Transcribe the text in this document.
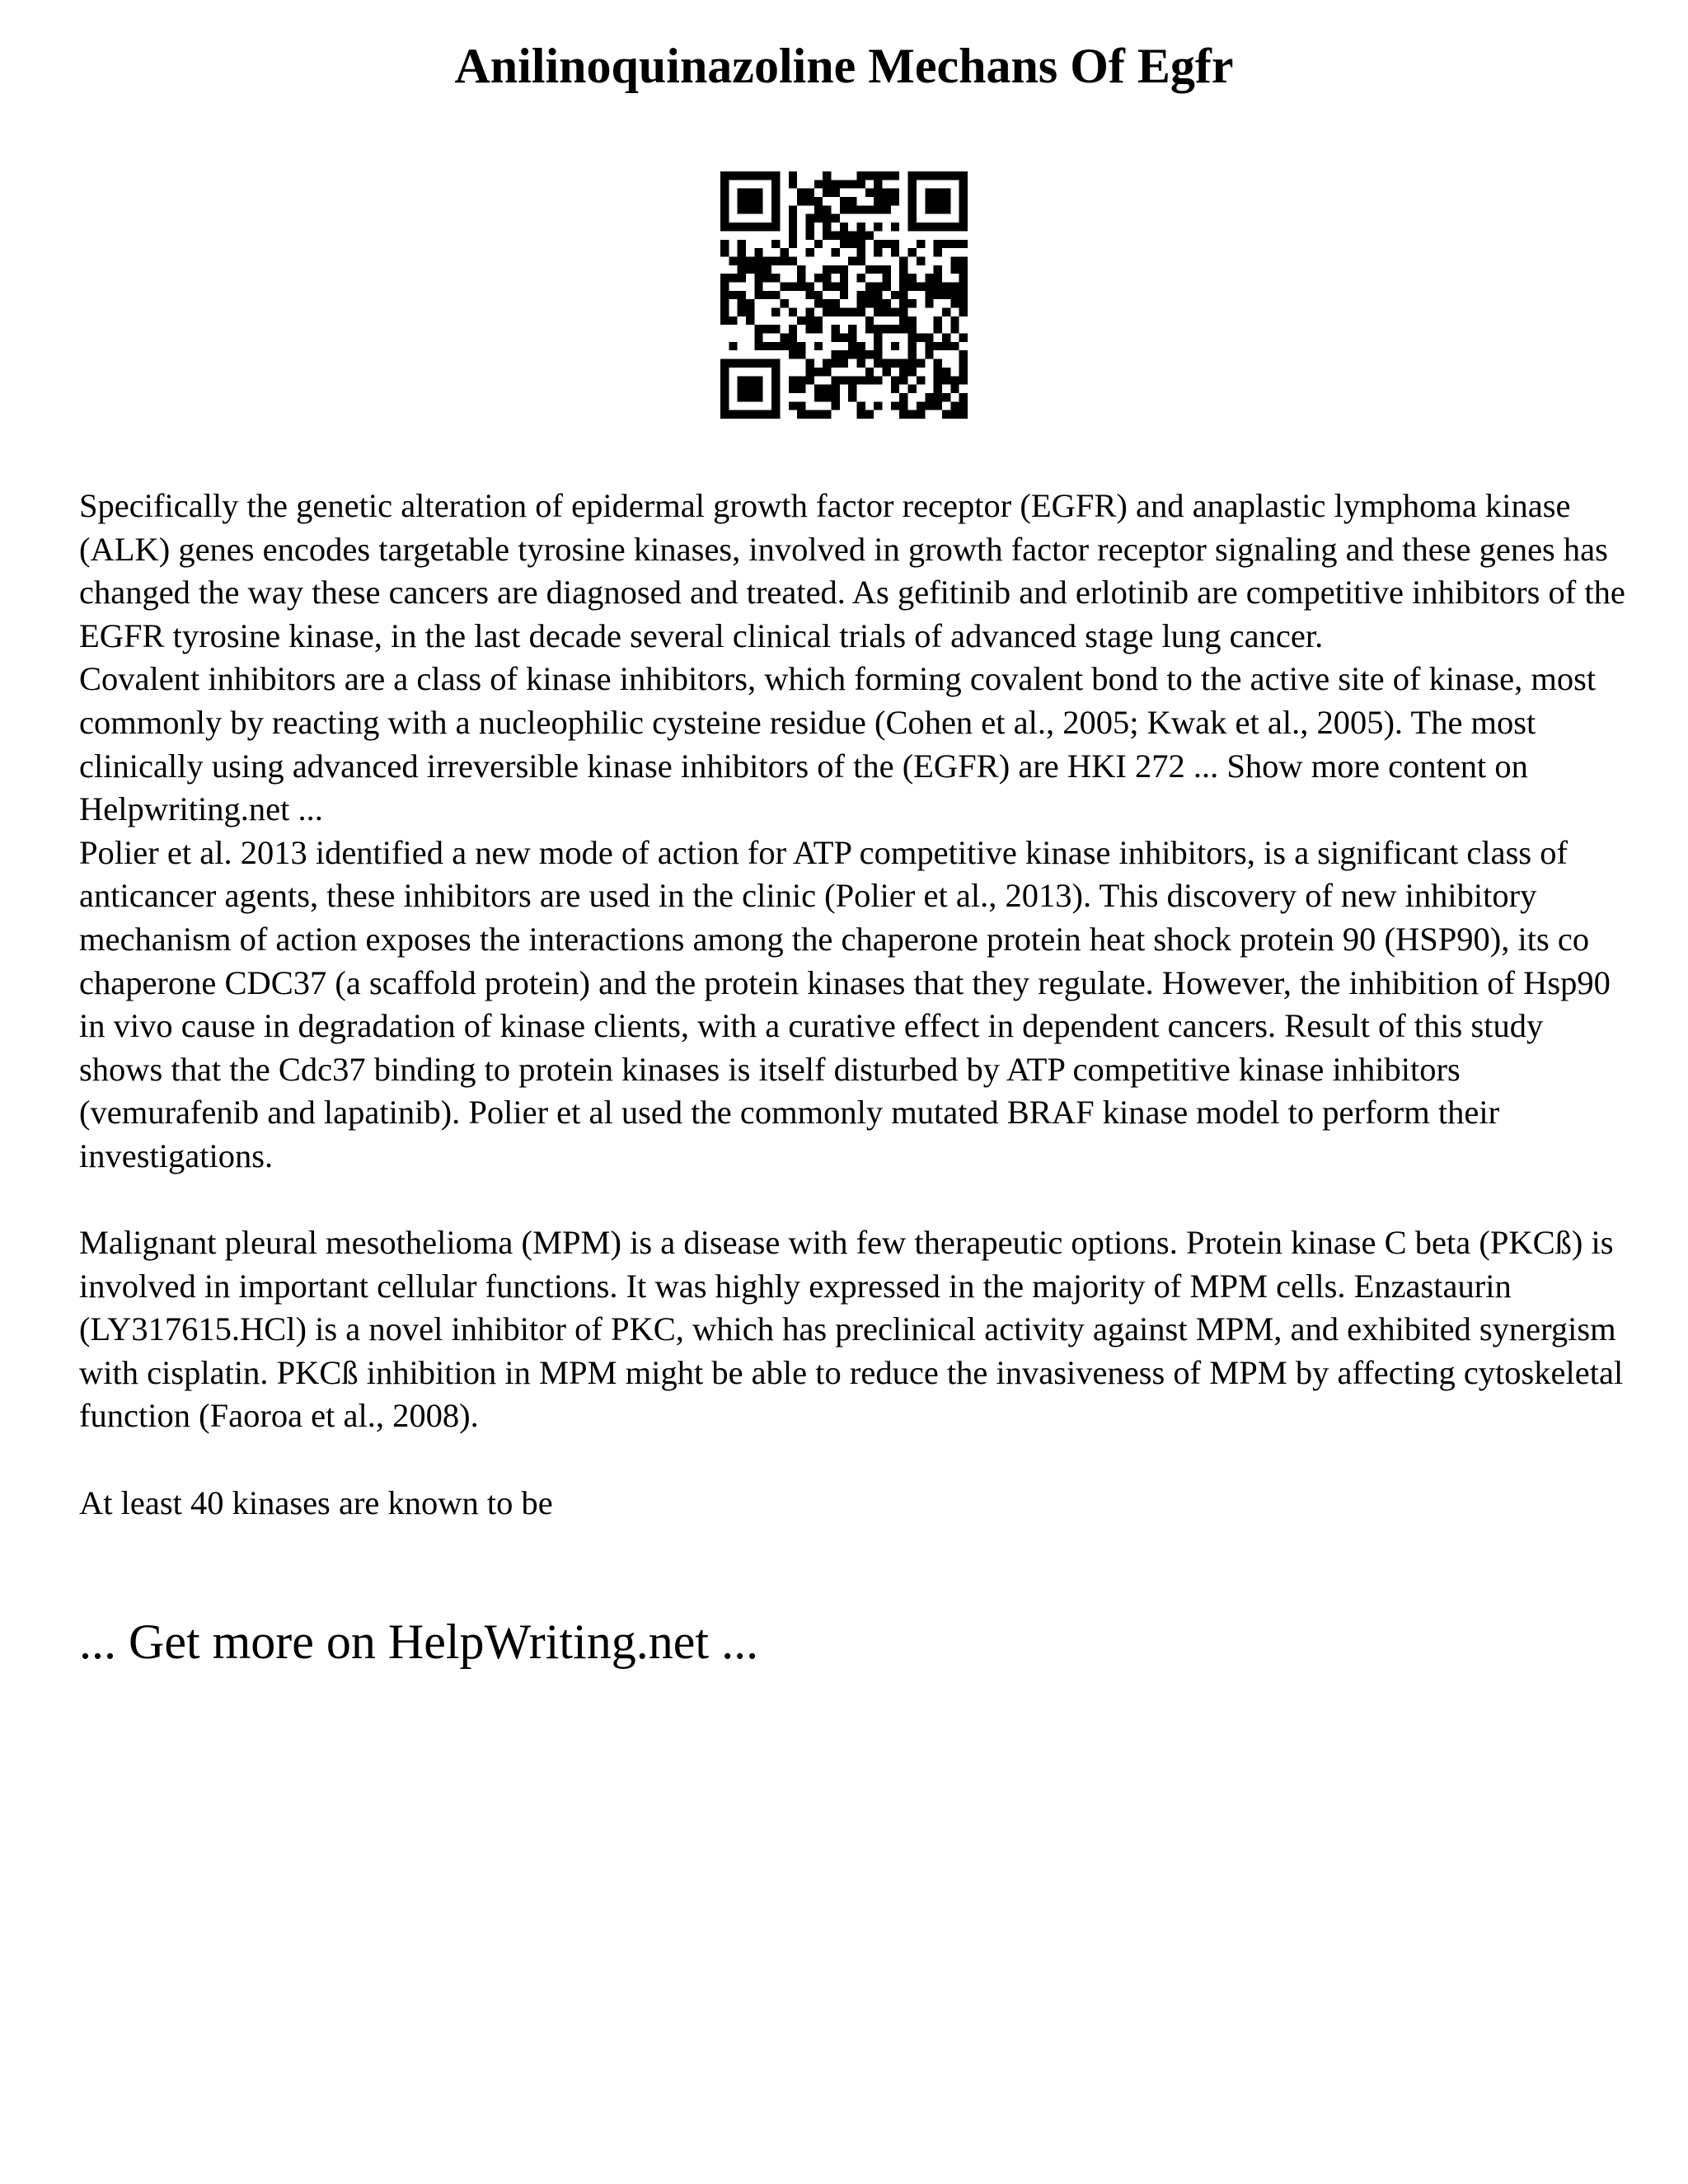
Anilinoquinazoline Mechans Of Egfr

Specifically the genetic alteration of epidermal growth factor receptor (EGFR) and anaplastic lymphoma kinase (ALK) genes encodes targetable tyrosine kinases, involved in growth factor receptor signaling and these genes has changed the way these cancers are diagnosed and treated. As gefitinib and erlotinib are competitive inhibitors of the EGFR tyrosine kinase, in the last decade several clinical trials of advanced stage lung cancer.

Covalent inhibitors are a class of kinase inhibitors, which forming covalent bond to the active site of kinase, most commonly by reacting with a nucleophilic cysteine residue (Cohen et al., 2005; Kwak et al., 2005). The most clinically using advanced irreversible kinase inhibitors of the (EGFR) are HKI 272 ... Show more content on Helpwriting.net ...

Polier et al. 2013 identified a new mode of action for ATP competitive kinase inhibitors, is a significant class of anticancer agents, these inhibitors are used in the clinic (Polier et al., 2013). This discovery of new inhibitory mechanism of action exposes the interactions among the chaperone protein heat shock protein 90 (HSP90), its co chaperone CDC37 (a scaffold protein) and the protein kinases that they regulate. However, the inhibition of Hsp90 in vivo cause in degradation of kinase clients, with a curative effect in dependent cancers. Result of this study shows that the Cdc37 binding to protein kinases is itself disturbed by ATP competitive kinase inhibitors (vemurafenib and lapatinib). Polier et al used the commonly mutated BRAF kinase model to perform their investigations.

Malignant pleural mesothelioma (MPM) is a disease with few therapeutic options. Protein kinase C beta (PKCß) is involved in important cellular functions. It was highly expressed in the majority of MPM cells. Enzastaurin (LY317615.HCl) is a novel inhibitor of PKC, which has preclinical activity against MPM, and exhibited synergism with cisplatin. PKCß inhibition in MPM might be able to reduce the invasiveness of MPM by affecting cytoskeletal function (Faoroa et al., 2008).

At least 40 kinases are known to be

... Get more on HelpWriting.net ...
